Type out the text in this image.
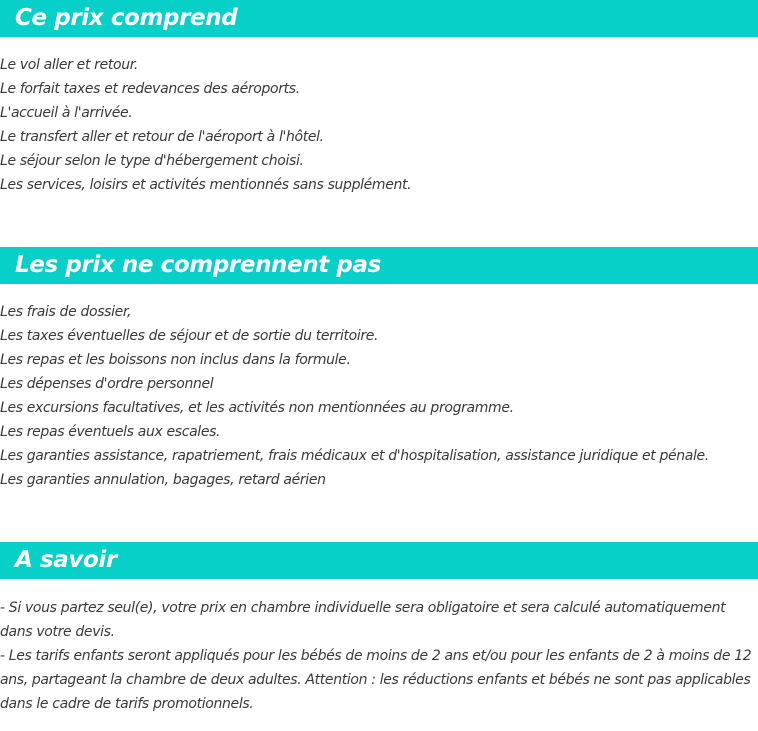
Ce prix comprend
Le vol aller et retour.
Le forfait taxes et redevances des aéroports.
L'accueil à l'arrivée.
Le transfert aller et retour de l'aéroport à l'hôtel.
Le séjour selon le type d'hébergement choisi.
Les services, loisirs et activités mentionnés sans supplément.
Les prix ne comprennent pas
Les frais de dossier,
Les taxes éventuelles de séjour et de sortie du territoire.
Les repas et les boissons non inclus dans la formule.
Les dépenses d'ordre personnel
Les excursions facultatives, et les activités non mentionnées au programme.
Les repas éventuels aux escales.
Les garanties assistance, rapatriement, frais médicaux et d'hospitalisation, assistance juridique et pénale.
Les garanties annulation, bagages, retard aérien
A savoir

- Si vous partez seul(e), votre prix en chambre individuelle sera obligatoire et sera calculé automatiquement dans votre devis.

- Les tarifs enfants seront appliqués pour les bébés de moins de 2 ans et/ou pour les enfants de 2 à moins de 12 ans, partageant la chambre de deux adultes. Attention : les réductions enfants et bébés ne sont pas applicables dans le cadre de tarifs promotionnels.
